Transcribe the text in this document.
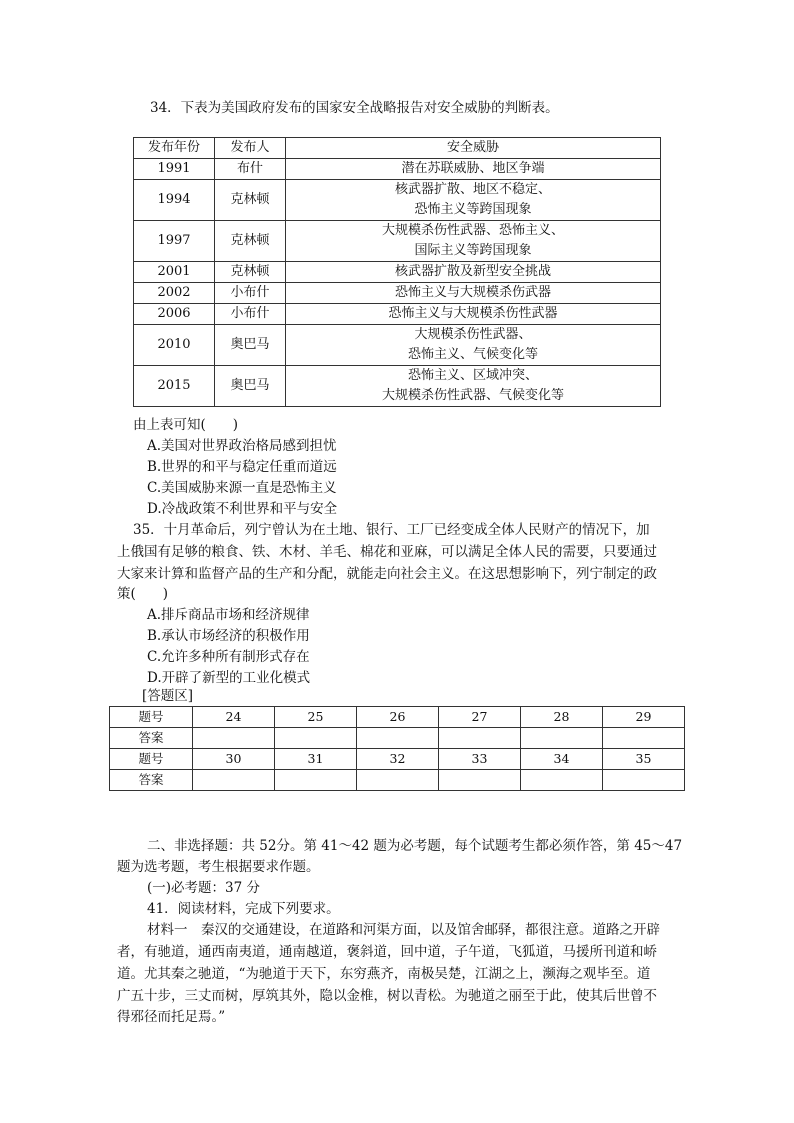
34．下表为美国政府发布的国家安全战略报告对安全威胁的判断表。
发布年份	发布人	安全威胁
1991	布什	潜在苏联威胁、地区争端

1994	克林顿	核武器扩散、地区不稳定、
恐怖主义等跨国现象

1997	克林顿	大规模杀伤性武器、恐怖主义、
国际主义等跨国现象

2001	克林顿	核武器扩散及新型安全挑战

2002	小布什	恐怖主义与大规模杀伤武器

2006	小布什	恐怖主义与大规模杀伤性武器

2010	奥巴马	大规模杀伤性武器、
恐怖主义、气候变化等

2015	奥巴马	恐怖主义、区域冲突、
大规模杀伤性武器、气候变化等
由上表可知(　　)
A.美国对世界政治格局感到担忧
B.世界的和平与稳定任重而道远
C.美国威胁来源一直是恐怖主义
D.冷战政策不利世界和平与安全
35．十月革命后，列宁曾认为在土地、银行、工厂已经变成全体人民财产的情况下，加
上俄国有足够的粮食、铁、木材、羊毛、棉花和亚麻，可以满足全体人民的需要，只要通过
大家来计算和监督产品的生产和分配，就能走向社会主义。在这思想影响下，列宁制定的政
策(　　)
A.排斥商品市场和经济规律
B.承认市场经济的积极作用
C.允许多种所有制形式存在
D.开辟了新型的工业化模式
[答题区]
题号	24	25	26	27	28	29
答案						
题号	30	31	32	33	34	35
答案						
二、非选择题：共 52分。第 41～42 题为必考题，每个试题考生都必须作答，第 45～47
题为选考题，考生根据要求作题。
(一)必考题：37 分
41．阅读材料，完成下列要求。
材料一　秦汉的交通建设，在道路和河渠方面，以及馆舍邮驿，都很注意。道路之开辟
者，有驰道，通西南夷道，通南越道，褒斜道，回中道，子午道，飞狐道，马援所刊道和峤
道。尤其秦之驰道，“为驰道于天下，东穷燕齐，南极吴楚，江湖之上，濒海之观毕至。道
广五十步，三丈而树，厚筑其外，隐以金椎，树以青松。为驰道之丽至于此，使其后世曾不
得邪径而托足焉。”
